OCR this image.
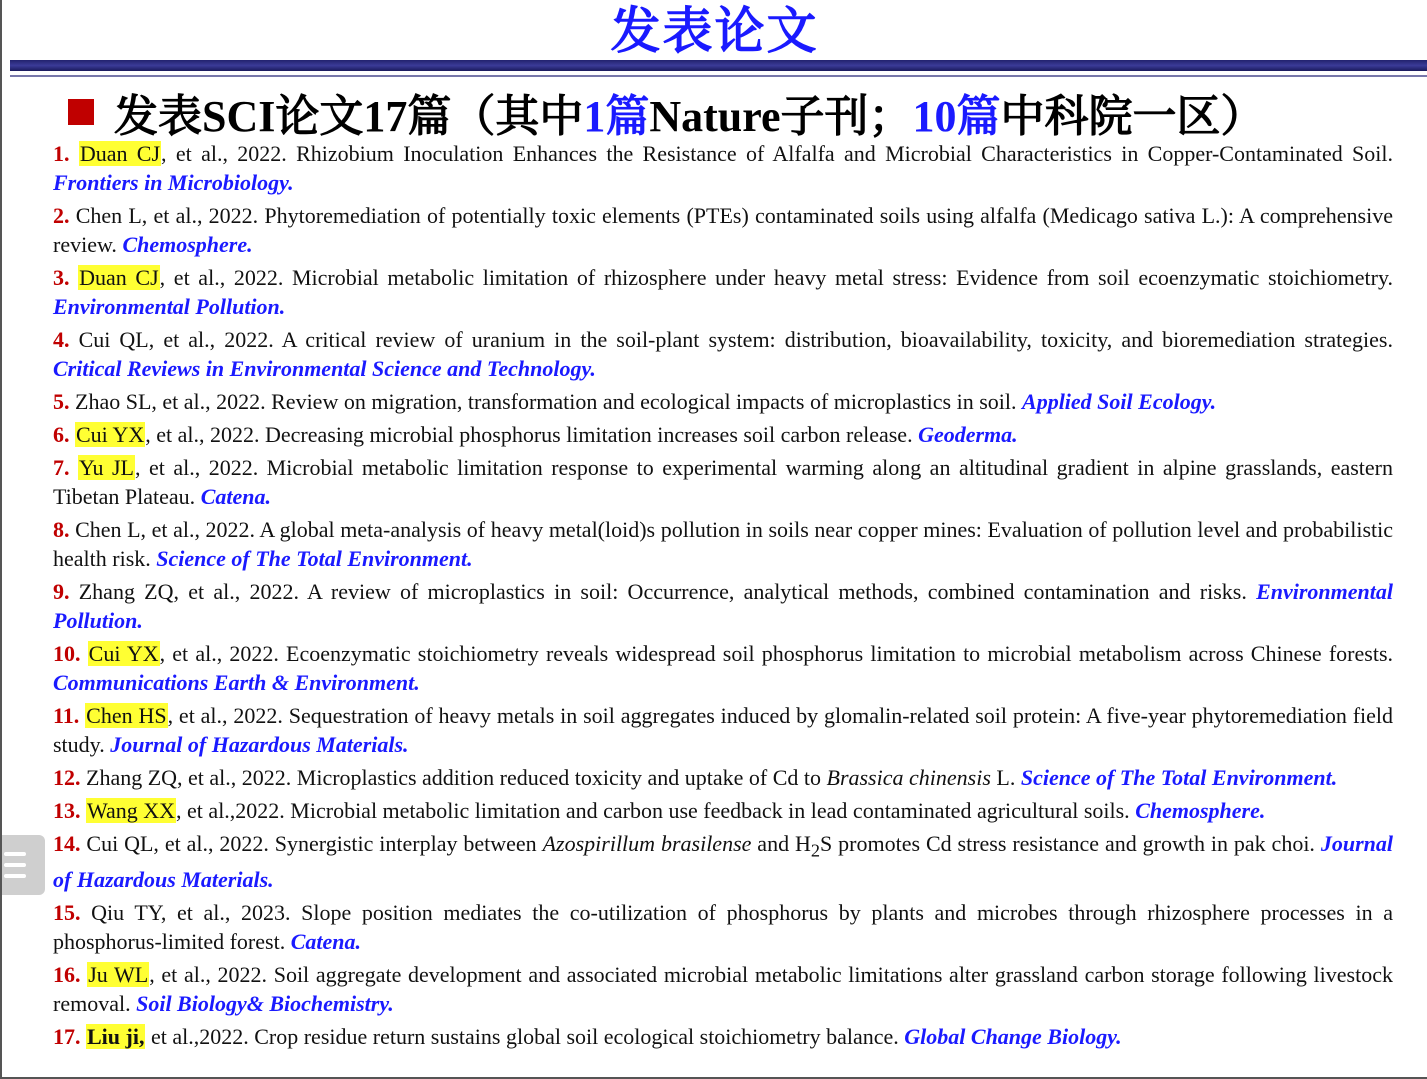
发表论文
发表SCI论文17篇（其中 1篇 Nature子刊； 10篇 中科院一区）
1. Duan CJ, et al., 2022. Rhizobium Inoculation Enhances the Resistance of Alfalfa and Microbial Characteristics in Copper-Contaminated Soil. Frontiers in Microbiology.
2. Chen L, et al., 2022. Phytoremediation of potentially toxic elements (PTEs) contaminated soils using alfalfa (Medicago sativa L.): A comprehensive review. Chemosphere.
3. Duan CJ, et al., 2022. Microbial metabolic limitation of rhizosphere under heavy metal stress: Evidence from soil ecoenzymatic stoichiometry. Environmental Pollution.
4. Cui QL, et al., 2022. A critical review of uranium in the soil-plant system: distribution, bioavailability, toxicity, and bioremediation strategies. Critical Reviews in Environmental Science and Technology.
5. Zhao SL, et al., 2022. Review on migration, transformation and ecological impacts of microplastics in soil. Applied Soil Ecology.
6. Cui YX, et al., 2022. Decreasing microbial phosphorus limitation increases soil carbon release. Geoderma.
7. Yu JL, et al., 2022. Microbial metabolic limitation response to experimental warming along an altitudinal gradient in alpine grasslands, eastern Tibetan Plateau. Catena.
8. Chen L, et al., 2022. A global meta-analysis of heavy metal(loid)s pollution in soils near copper mines: Evaluation of pollution level and probabilistic health risk. Science of The Total Environment.
9. Zhang ZQ, et al., 2022. A review of microplastics in soil: Occurrence, analytical methods, combined contamination and risks. Environmental Pollution.
10. Cui YX, et al., 2022. Ecoenzymatic stoichiometry reveals widespread soil phosphorus limitation to microbial metabolism across Chinese forests. Communications Earth & Environment.
11. Chen HS, et al., 2022. Sequestration of heavy metals in soil aggregates induced by glomalin-related soil protein: A five-year phytoremediation field study. Journal of Hazardous Materials.
12. Zhang ZQ, et al., 2022. Microplastics addition reduced toxicity and uptake of Cd to Brassica chinensis L. Science of The Total Environment.
13. Wang XX, et al.,2022. Microbial metabolic limitation and carbon use feedback in lead contaminated agricultural soils. Chemosphere.
14. Cui QL, et al., 2022. Synergistic interplay between Azospirillum brasilense and $H_2S$ promotes Cd stress resistance and growth in pak choi. Journal of Hazardous Materials.
15. Qiu TY, et al., 2023. Slope position mediates the co-utilization of phosphorus by plants and microbes through rhizosphere processes in a phosphorus-limited forest. Catena.
16. Ju WL, et al., 2022. Soil aggregate development and associated microbial metabolic limitations alter grassland carbon storage following livestock removal. Soil Biology& Biochemistry.
17. Liu ji, et al.,2022. Crop residue return sustains global soil ecological stoichiometry balance. Global Change Biology.
